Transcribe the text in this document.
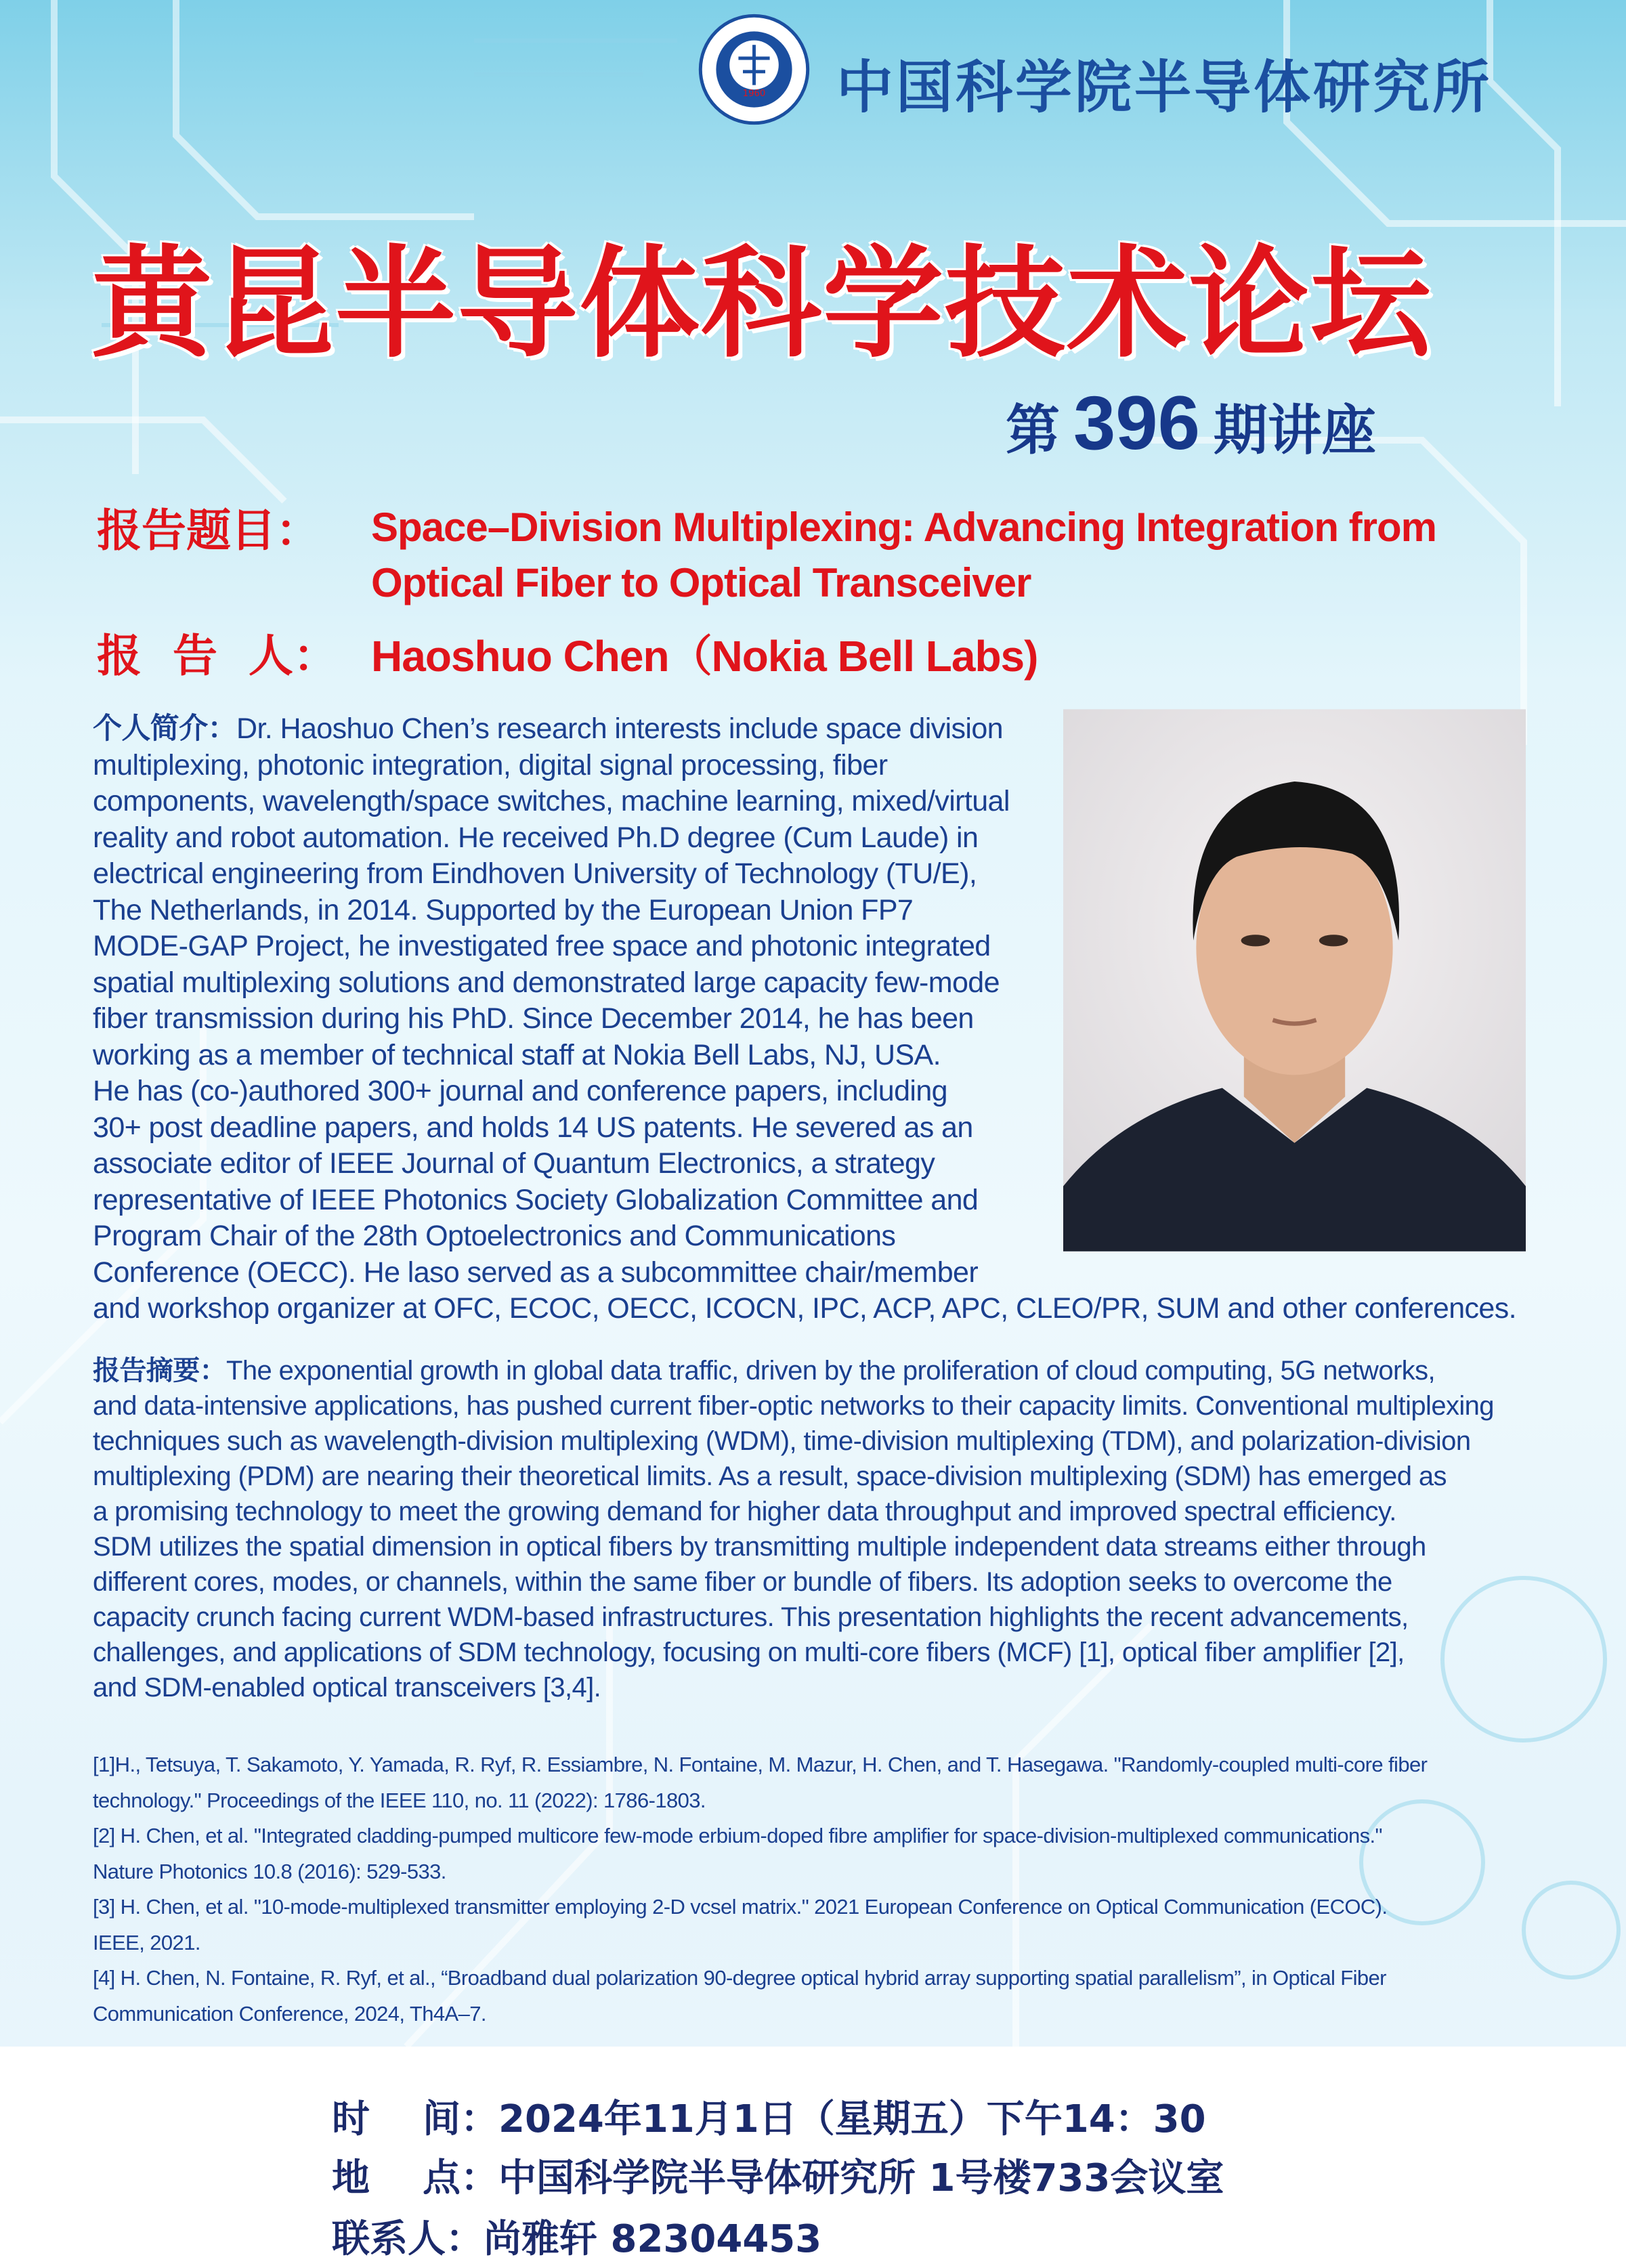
1960 中国科学院半导体研究所
黄昆半导体科学技术论坛
第 396 期讲座
报告题目： Space–Division Multiplexing: Advancing Integration from
Optical Fiber to Optical Transceiver
报  告  人： Haoshuo Chen（Nokia Bell Labs)
个人简介：Dr. Haoshuo Chen’s research interests include space division
multiplexing, photonic integration, digital signal processing, fiber
components, wavelength/space switches, machine learning, mixed/virtual
reality and robot automation. He received Ph.D degree (Cum Laude) in
electrical engineering from Eindhoven University of Technology (TU/E),
The Netherlands, in 2014. Supported by the European Union FP7
MODE-GAP Project, he investigated free space and photonic integrated
spatial multiplexing solutions and demonstrated large capacity few-mode
fiber transmission during his PhD. Since December 2014, he has been
working as a member of technical staff at Nokia Bell Labs, NJ, USA.
He has (co-)authored 300+ journal and conference papers, including
30+ post deadline papers, and holds 14 US patents. He severed as an
associate editor of IEEE Journal of Quantum Electronics, a strategy
representative of IEEE Photonics Society Globalization Committee and
Program Chair of the 28th Optoelectronics and Communications
Conference (OECC). He laso served as a subcommittee chair/member
and workshop organizer at OFC, ECOC, OECC, ICOCN, IPC, ACP, APC, CLEO/PR, SUM and other conferences.
报告摘要：The exponential growth in global data traffic, driven by the proliferation of cloud computing, 5G networks,
and data-intensive applications, has pushed current fiber-optic networks to their capacity limits. Conventional multiplexing
techniques such as wavelength-division multiplexing (WDM), time-division multiplexing (TDM), and polarization-division
multiplexing (PDM) are nearing their theoretical limits. As a result, space-division multiplexing (SDM) has emerged as
a promising technology to meet the growing demand for higher data throughput and improved spectral efficiency.
SDM utilizes the spatial dimension in optical fibers by transmitting multiple independent data streams either through
different cores, modes, or channels, within the same fiber or bundle of fibers. Its adoption seeks to overcome the
capacity crunch facing current WDM-based infrastructures. This presentation highlights the recent advancements,
challenges, and applications of SDM technology, focusing on multi-core fibers (MCF) [1], optical fiber amplifier [2],
and SDM-enabled optical transceivers [3,4].
[1]H., Tetsuya, T. Sakamoto, Y. Yamada, R. Ryf, R. Essiambre, N. Fontaine, M. Mazur, H. Chen, and T. Hasegawa. "Randomly-coupled multi-core fiber
technology." Proceedings of the IEEE 110, no. 11 (2022): 1786-1803.
[2] H. Chen, et al. "Integrated cladding-pumped multicore few-mode erbium-doped fibre amplifier for space-division-multiplexed communications."
Nature Photonics 10.8 (2016): 529-533.
[3] H. Chen, et al. "10-mode-multiplexed transmitter employing 2-D vcsel matrix." 2021 European Conference on Optical Communication (ECOC).
IEEE, 2021.
[4] H. Chen, N. Fontaine, R. Ryf, et al., “Broadband dual polarization 90-degree optical hybrid array supporting spatial parallelism”, in Optical Fiber
Communication Conference, 2024, Th4A–7.
时    间：2024年11月1日（星期五）下午14：30
地    点：中国科学院半导体研究所 1号楼733会议室
联系人：尚雅轩 82304453
